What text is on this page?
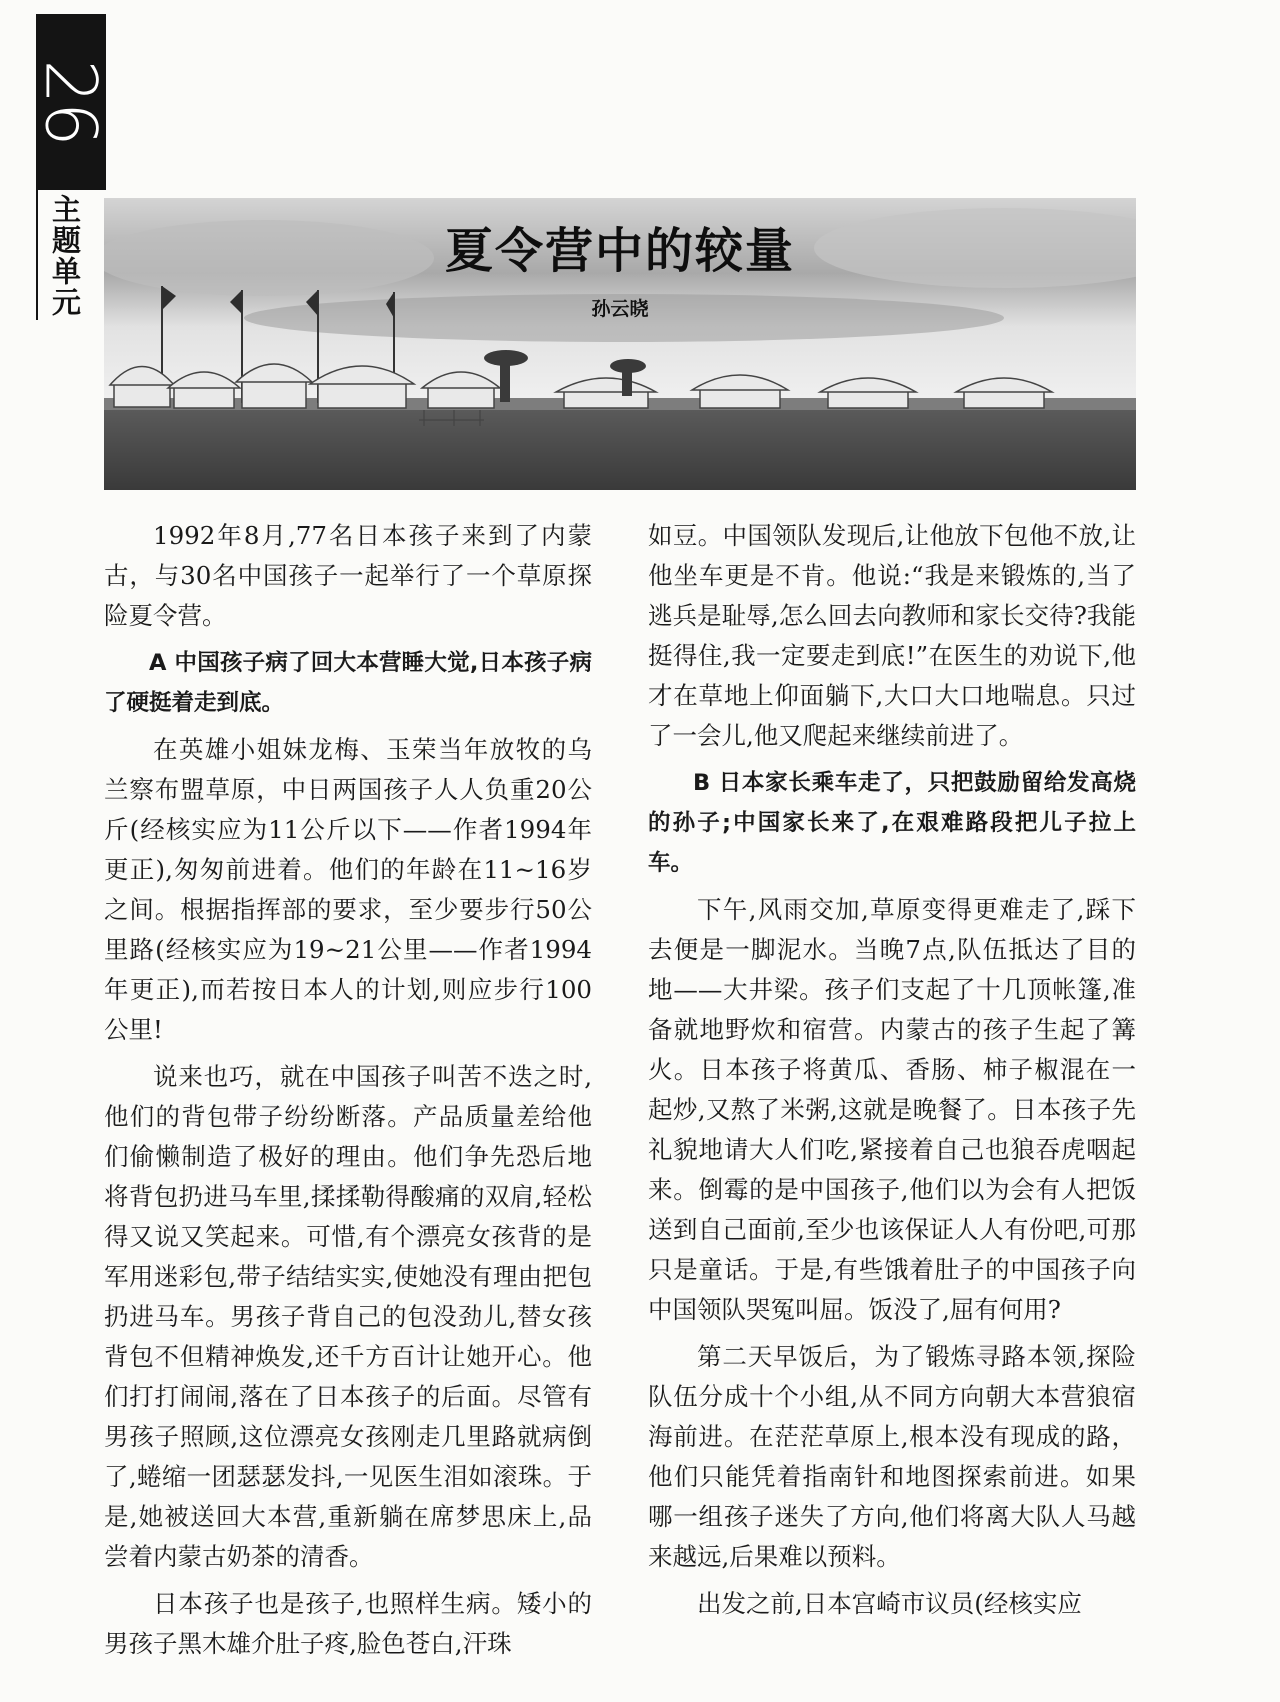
26
主题单元	夏令营中的较量
孙云晓

1992年8月,77名日本孩子来到了内蒙古，与30名中国孩子一起举行了一个草原探险夏令营。

A 中国孩子病了回大本营睡大觉,日本孩子病了硬挺着走到底。

在英雄小姐妹龙梅、玉荣当年放牧的乌兰察布盟草原，中日两国孩子人人负重20公斤(经核实应为11公斤以下——作者1994年更正),匆匆前进着。他们的年龄在11~16岁之间。根据指挥部的要求，至少要步行50公里路(经核实应为19~21公里——作者1994年更正),而若按日本人的计划,则应步行100公里!

说来也巧，就在中国孩子叫苦不迭之时,他们的背包带子纷纷断落。产品质量差给他们偷懒制造了极好的理由。他们争先恐后地将背包扔进马车里,揉揉勒得酸痛的双肩,轻松得又说又笑起来。可惜,有个漂亮女孩背的是军用迷彩包,带子结结实实,使她没有理由把包扔进马车。男孩子背自己的包没劲儿,替女孩背包不但精神焕发,还千方百计让她开心。他们打打闹闹,落在了日本孩子的后面。尽管有男孩子照顾,这位漂亮女孩刚走几里路就病倒了,蜷缩一团瑟瑟发抖,一见医生泪如滚珠。于是,她被送回大本营,重新躺在席梦思床上,品尝着内蒙古奶茶的清香。

日本孩子也是孩子,也照样生病。矮小的男孩子黑木雄介肚子疼,脸色苍白,汗珠

如豆。中国领队发现后,让他放下包他不放,让他坐车更是不肯。他说:“我是来锻炼的,当了逃兵是耻辱,怎么回去向教师和家长交待?我能挺得住,我一定要走到底!”在医生的劝说下,他才在草地上仰面躺下,大口大口地喘息。只过了一会儿,他又爬起来继续前进了。

B 日本家长乘车走了，只把鼓励留给发高烧的孙子;中国家长来了,在艰难路段把儿子拉上车。

下午,风雨交加,草原变得更难走了,踩下去便是一脚泥水。当晚7点,队伍抵达了目的地——大井梁。孩子们支起了十几顶帐篷,准备就地野炊和宿营。内蒙古的孩子生起了篝火。日本孩子将黄瓜、香肠、柿子椒混在一起炒,又熬了米粥,这就是晚餐了。日本孩子先礼貌地请大人们吃,紧接着自己也狼吞虎咽起来。倒霉的是中国孩子,他们以为会有人把饭送到自己面前,至少也该保证人人有份吧,可那只是童话。于是,有些饿着肚子的中国孩子向中国领队哭冤叫屈。饭没了,屈有何用?

第二天早饭后，为了锻炼寻路本领,探险队伍分成十个小组,从不同方向朝大本营狼宿海前进。在茫茫草原上,根本没有现成的路，他们只能凭着指南针和地图探索前进。如果哪一组孩子迷失了方向,他们将离大队人马越来越远,后果难以预料。

出发之前,日本宫崎市议员(经核实应
